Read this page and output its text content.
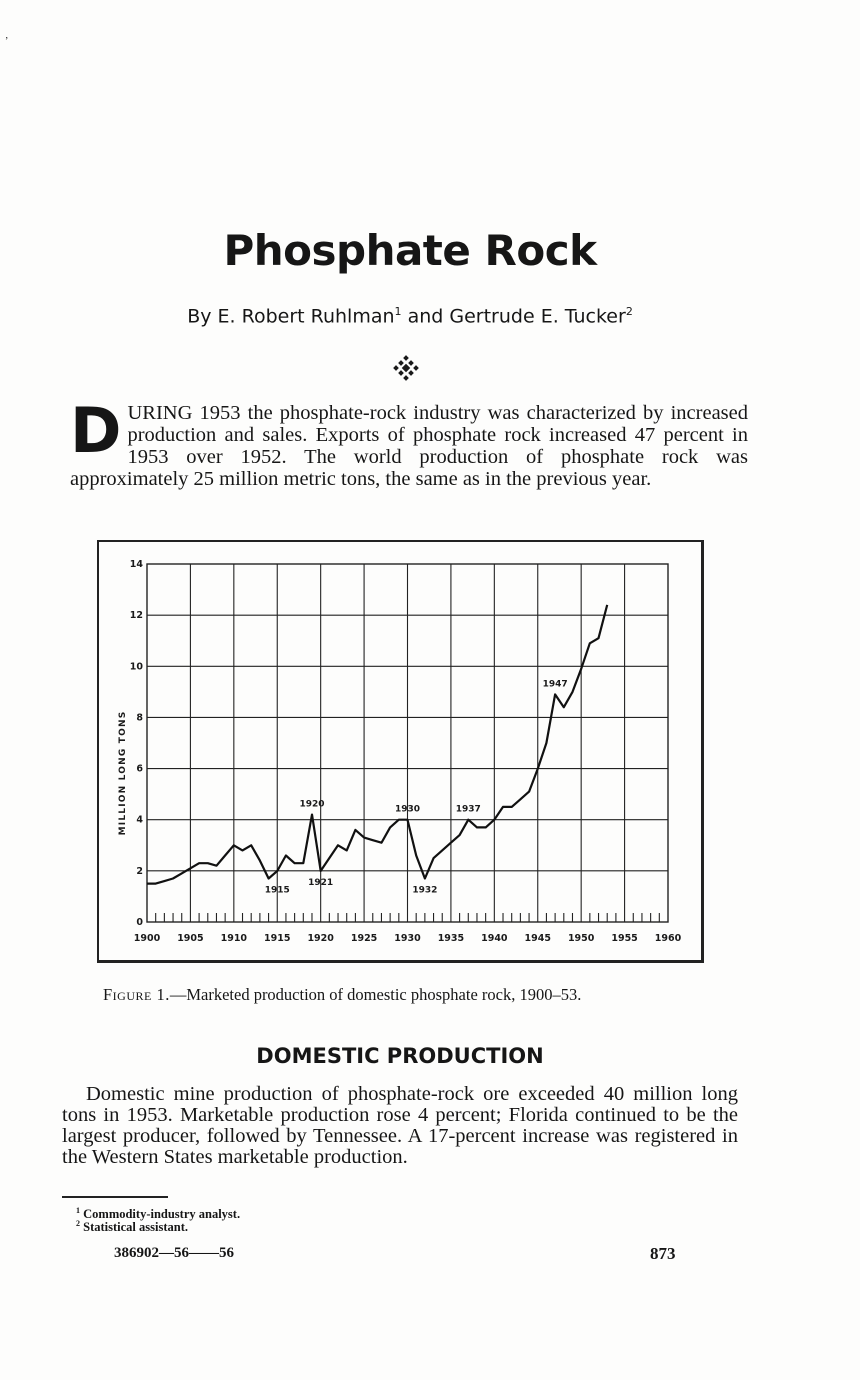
ʼ
Phosphate Rock
By E. Robert Ruhlman$^1$ and Gertrude E. Tucker$^2$
D URING 1953 the phosphate-rock industry was characterized by increased production and sales. Exports of phosphate rock increased 47 percent in 1953 over 1952. The world production of phosphate rock was approximately 25 million metric tons, the same as in the previous year.
1900 1905 1910 1915 1920 1925 1930 1935 1940 1945 1950 1955 1960
0
2
4
6
8
10
12
14
MILLION LONG TONS
1915
1920
1921
1930
1932
1937
1947
Figure 1.—Marketed production of domestic phosphate rock, 1900–53.
DOMESTIC PRODUCTION
Domestic mine production of phosphate-rock ore exceeded 40 million long tons in 1953. Marketable production rose 4 percent; Florida continued to be the largest producer, followed by Tennessee. A 17-percent increase was registered in the Western States marketable production.
$^1$ Commodity-industry analyst.
$^2$ Statistical assistant.
386902—56——56	873
